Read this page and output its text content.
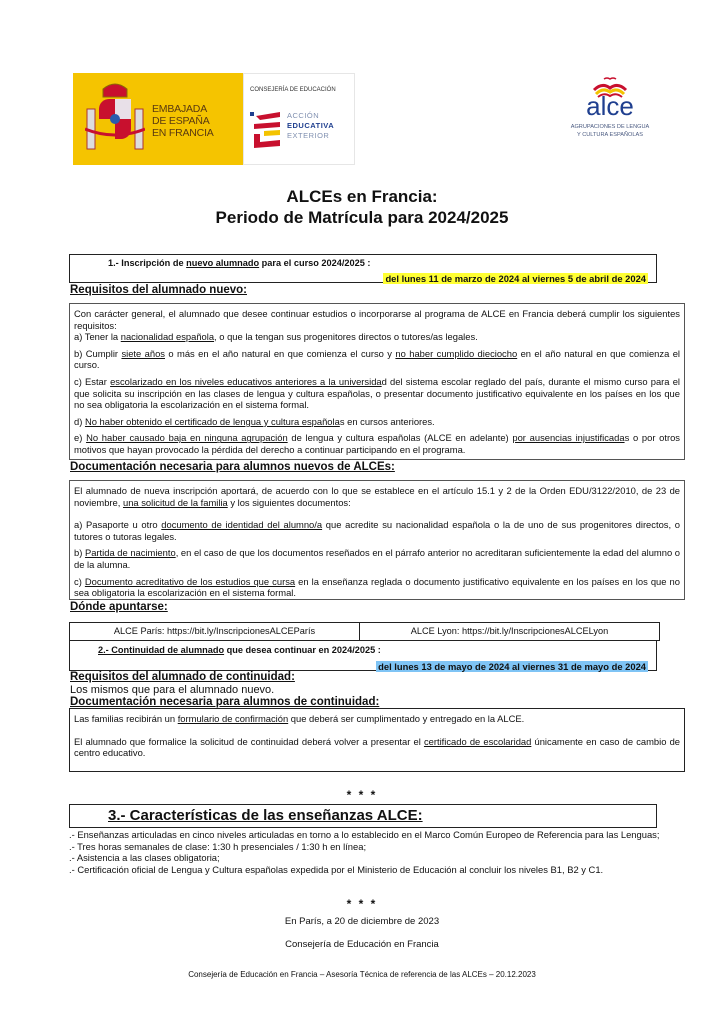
EMBAJADA
DE ESPAÑA
EN FRANCIA
CONSEJERÍA DE EDUCACIÓN
ACCIÓN
EDUCATIVA
EXTERIOR
alce
AGRUPACIONES DE LENGUA
Y CULTURA ESPAÑOLAS
ALCEs en Francia:
Periodo de Matrícula para 2024/2025
1.- Inscripción de nuevo alumnado para el curso 2024/2025 :
del lunes 11 de marzo de 2024 al viernes 5 de abril de 2024
Requisitos del alumnado nuevo:
Con carácter general, el alumnado que desee continuar estudios o incorporarse al programa de ALCE en Francia deberá cumplir los siguientes requisitos:
a) Tener la nacionalidad española, o que la tengan sus progenitores directos o tutores/as legales.
b) Cumplir siete años o más en el año natural en que comienza el curso y no haber cumplido dieciocho en el año natural en que comienza el curso.
c) Estar escolarizado en los niveles educativos anteriores a la universidad del sistema escolar reglado del país, durante el mismo curso para el que solicita su inscripción en las clases de lengua y cultura españolas, o presentar documento justificativo equivalente en los países en los que no sea obligatoria la escolarización en el sistema formal.
d) No haber obtenido el certificado de lengua y cultura españolas en cursos anteriores.
e) No haber causado baja en ninguna agrupación de lengua y cultura españolas (ALCE en adelante) por ausencias injustificadas o por otros motivos que hayan provocado la pérdida del derecho a continuar participando en el programa.
Documentación necesaria para alumnos nuevos de ALCEs:
El alumnado de nueva inscripción aportará, de acuerdo con lo que se establece en el artículo 15.1 y 2 de la Orden EDU/3122/2010, de 23 de noviembre, una solicitud de la familia y los siguientes documentos:
a) Pasaporte u otro documento de identidad del alumno/a que acredite su nacionalidad española o la de uno de sus progenitores directos, o tutores o tutoras legales.
b) Partida de nacimiento, en el caso de que los documentos reseñados en el párrafo anterior no acreditaran suficientemente la edad del alumno o de la alumna.
c) Documento acreditativo de los estudios que cursa en la enseñanza reglada o documento justificativo equivalente en los países en los que no sea obligatoria la escolarización en el sistema formal.
Dónde apuntarse:
ALCE París: https://bit.ly/InscripcionesALCEParís	ALCE Lyon: https://bit.ly/InscripcionesALCELyon
2.- Continuidad de alumnado que desea continuar en 2024/2025 :
del lunes 13 de mayo de 2024 al viernes 31 de mayo de 2024
Requisitos del alumnado de continuidad:
Los mismos que para el alumnado nuevo.
Documentación necesaria para alumnos de continuidad:
Las familias recibirán un formulario de confirmación que deberá ser cumplimentado y entregado en la ALCE.
El alumnado que formalice la solicitud de continuidad deberá volver a presentar el certificado de escolaridad únicamente en caso de cambio de centro educativo.
* * *
3.- Características de las enseñanzas ALCE:
.- Enseñanzas articuladas en cinco niveles articuladas en torno a lo establecido en el Marco Común Europeo de Referencia para las Lenguas;
.- Tres horas semanales de clase: 1:30 h presenciales / 1:30 h en línea;
.- Asistencia a las clases obligatoria;
.- Certificación oficial de Lengua y Cultura españolas expedida por el Ministerio de Educación al concluir los niveles B1, B2 y C1.
* * *
En París, a 20 de diciembre de 2023
Consejería de Educación en Francia
Consejería de Educación en Francia – Asesoría Técnica de referencia de las ALCEs – 20.12.2023
